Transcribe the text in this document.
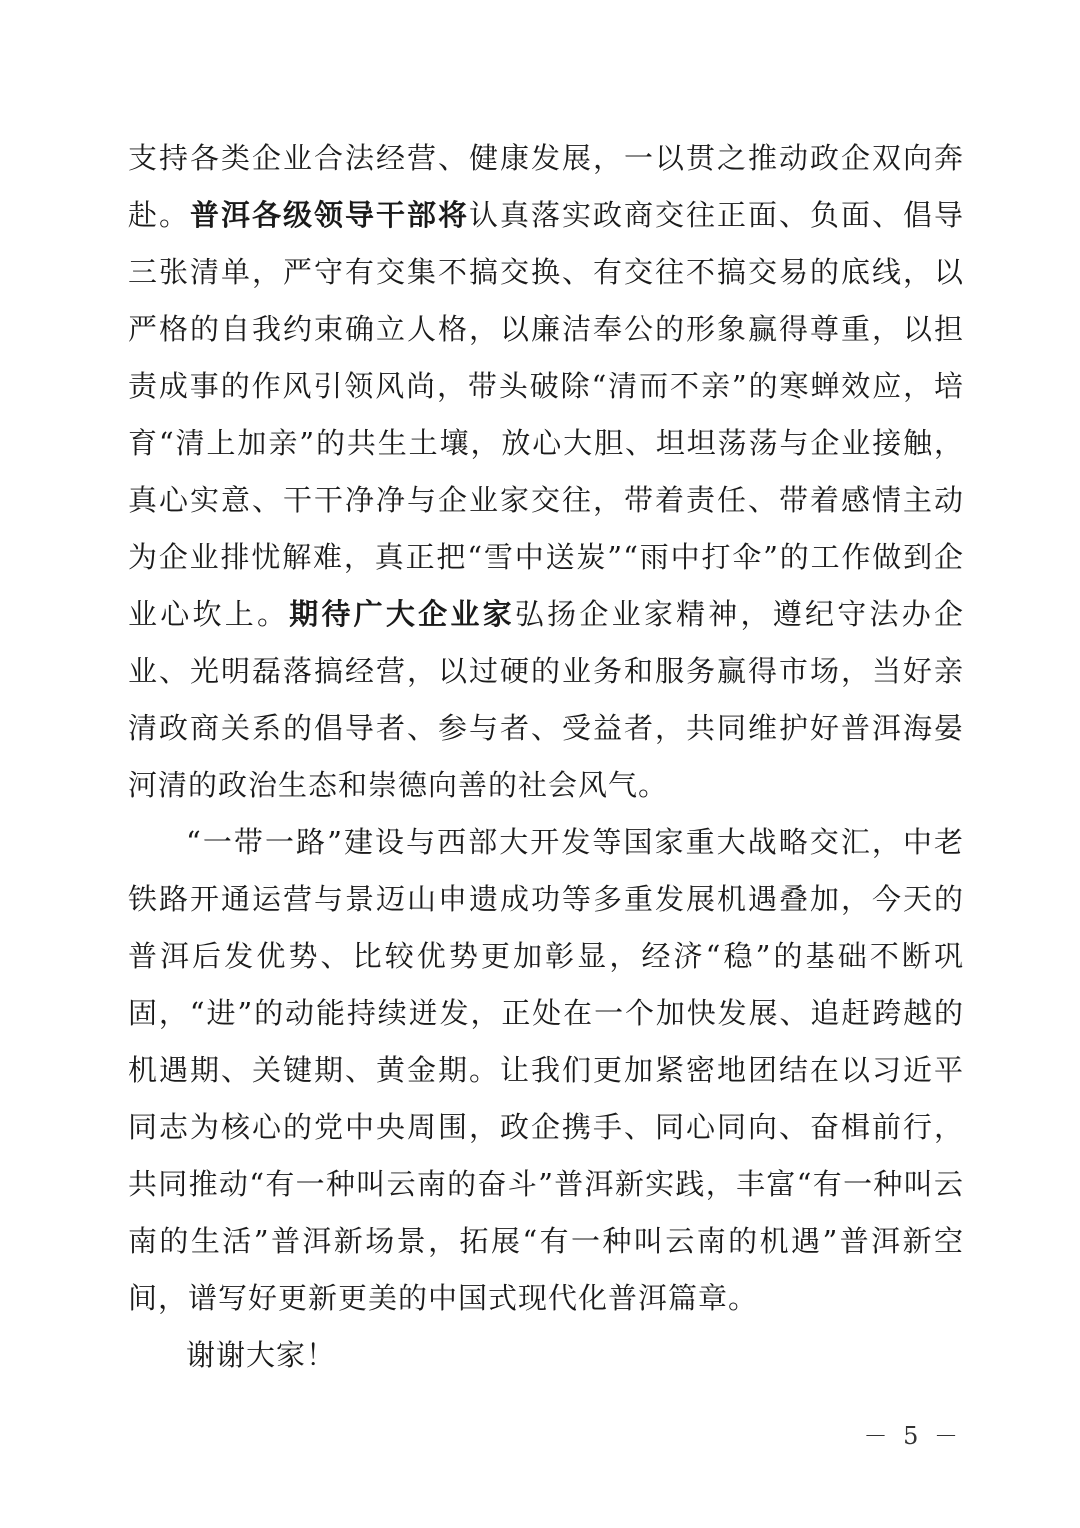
支持各类企业合法经营、健康发展，一以贯之推动政企双向奔赴。普洱各级领导干部将认真落实政商交往正面、负面、倡导三张清单，严守有交集不搞交换、有交往不搞交易的底线，以严格的自我约束确立人格，以廉洁奉公的形象赢得尊重，以担责成事的作风引领风尚，带头破除“清而不亲”的寒蝉效应，培育“清上加亲”的共生土壤，放心大胆、坦坦荡荡与企业接触，真心实意、干干净净与企业家交往，带着责任、带着感情主动为企业排忧解难，真正把“雪中送炭”“雨中打伞”的工作做到企业心坎上。期待广大企业家弘扬企业家精神，遵纪守法办企业、光明磊落搞经营，以过硬的业务和服务赢得市场，当好亲清政商关系的倡导者、参与者、受益者，共同维护好普洱海晏河清的政治生态和崇德向善的社会风气。

“一带一路”建设与西部大开发等国家重大战略交汇，中老铁路开通运营与景迈山申遗成功等多重发展机遇叠加，今天的普洱后发优势、比较优势更加彰显，经济“稳”的基础不断巩固，“进”的动能持续迸发，正处在一个加快发展、追赶跨越的机遇期、关键期、黄金期。让我们更加紧密地团结在以习近平同志为核心的党中央周围，政企携手、同心同向、奋楫前行，共同推动“有一种叫云南的奋斗”普洱新实践，丰富“有一种叫云南的生活”普洱新场景，拓展“有一种叫云南的机遇”普洱新空间，谱写好更新更美的中国式现代化普洱篇章。

谢谢大家！

－ 5 －
